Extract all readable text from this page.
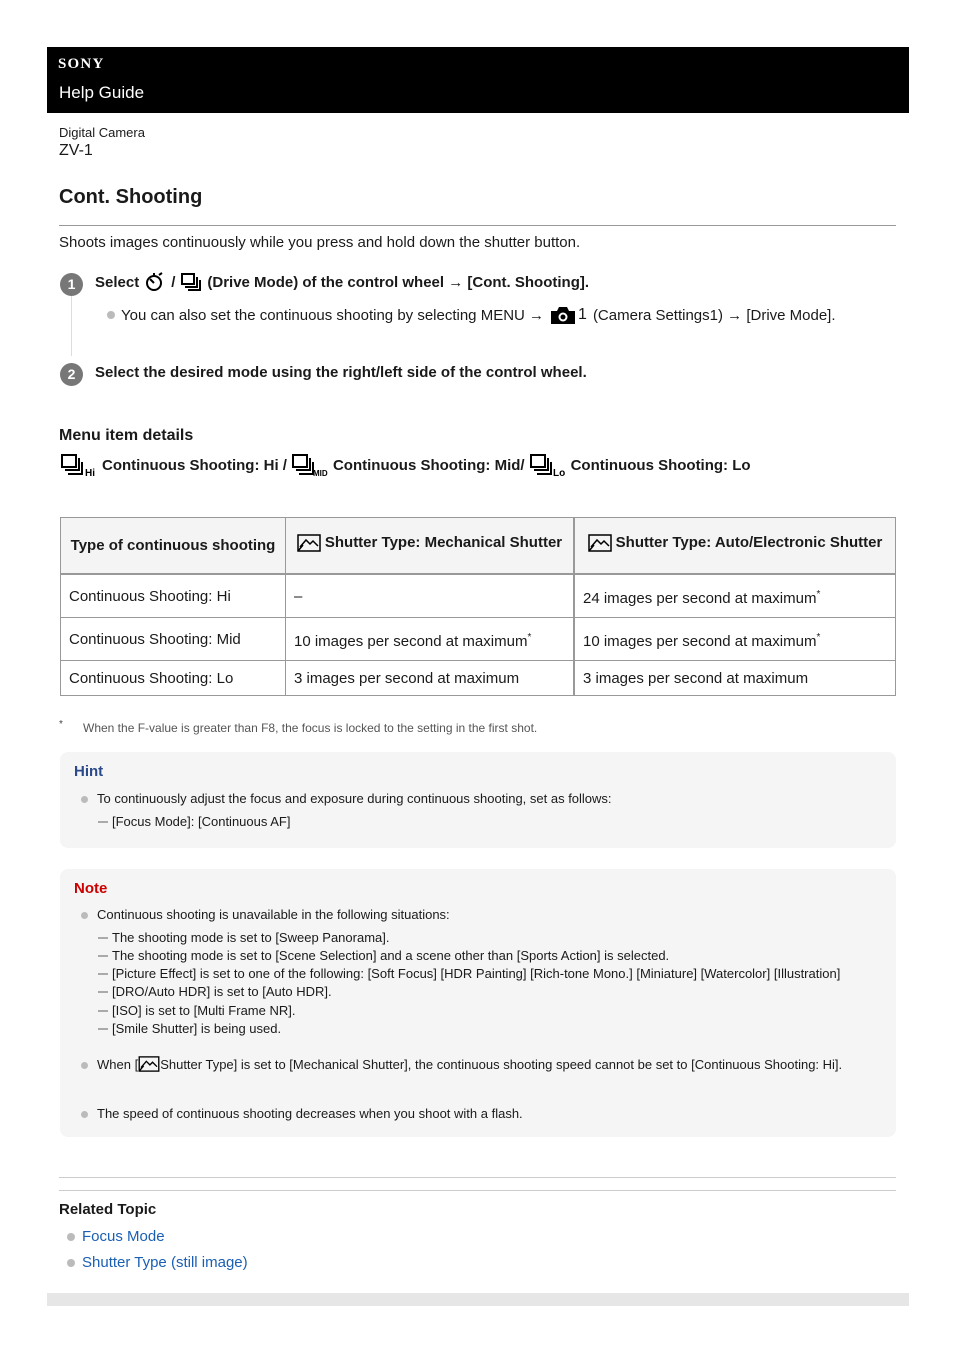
SONY
Help Guide
Digital Camera
ZV-1
Cont. Shooting
Shoots images continuously while you press and hold down the shutter button.
1	Select / (Drive Mode) of the control wheel → [Cont. Shooting].
You can also set the continuous shooting by selecting MENU → 1 (Camera Settings1) → [Drive Mode].
2	Select the desired mode using the right/left side of the control wheel.
Menu item details
Hi Continuous Shooting: Hi /	MID Continuous Shooting: Mid/	Lo Continuous Shooting: Lo
Type of continuous shooting	Shutter Type: Mechanical Shutter	Shutter Type: Auto/Electronic Shutter

Continuous Shooting: Hi	–	24 images per second at maximum*
Continuous Shooting: Mid	10 images per second at maximum*	10 images per second at maximum*
Continuous Shooting: Lo	3 images per second at maximum	3 images per second at maximum
* When the F-value is greater than F8, the focus is locked to the setting in the first shot.
Hint
To continuously adjust the focus and exposure during continuous shooting, set as follows:
[Focus Mode]: [Continuous AF]
Note
Continuous shooting is unavailable in the following situations:
The shooting mode is set to [Sweep Panorama].
The shooting mode is set to [Scene Selection] and a scene other than [Sports Action] is selected.
[Picture Effect] is set to one of the following: [Soft Focus] [HDR Painting] [Rich-tone Mono.] [Miniature] [Watercolor] [Illustration]
[DRO/Auto HDR] is set to [Auto HDR].
[ISO] is set to [Multi Frame NR].
[Smile Shutter] is being used.
When [ Shutter Type] is set to [Mechanical Shutter], the continuous shooting speed cannot be set to [Continuous Shooting: Hi].
The speed of continuous shooting decreases when you shoot with a flash.
Related Topic
Focus Mode
Shutter Type (still image)
